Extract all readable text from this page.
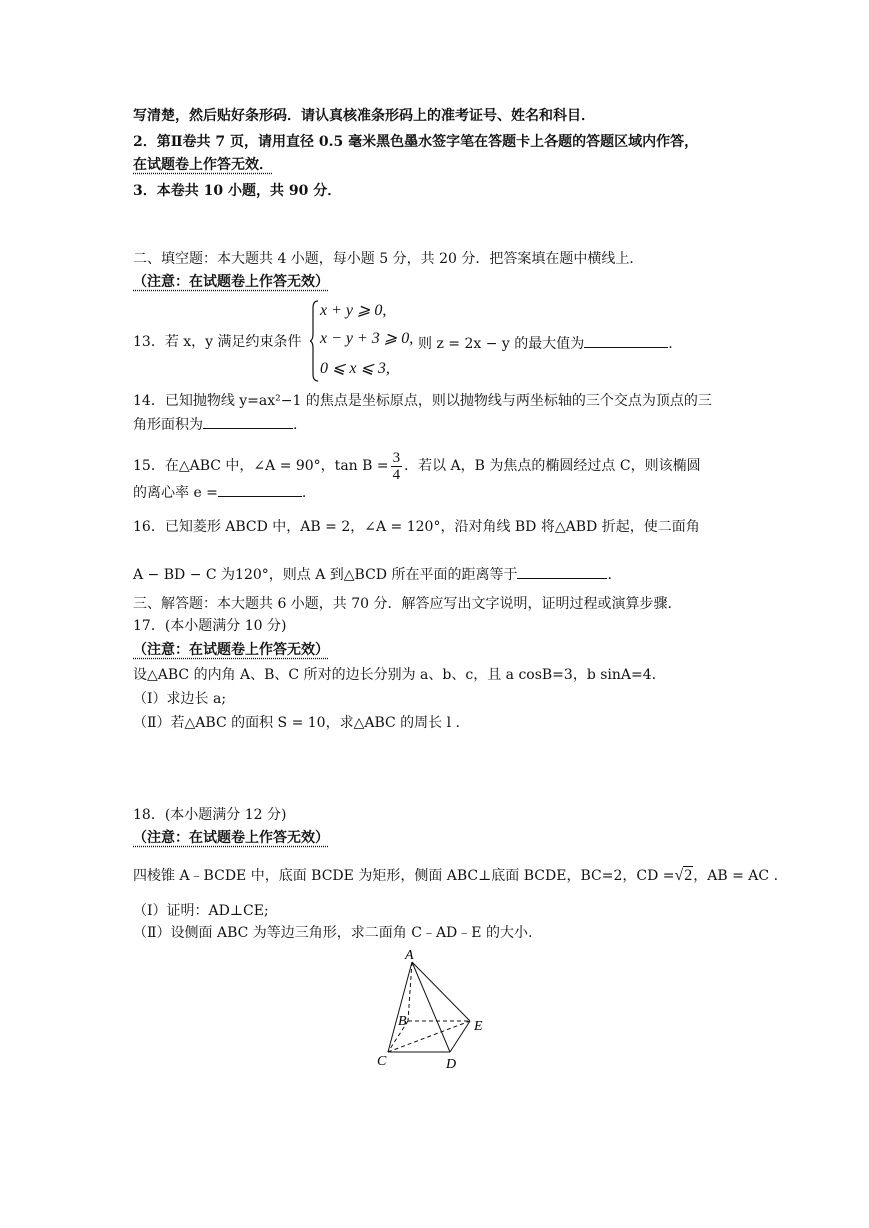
写清楚，然后贴好条形码．请认真核准条形码上的准考证号、姓名和科目．
2．第Ⅱ卷共 7 页，请用直径 0.5 毫米黑色墨水签字笔在答题卡上各题的答题区域内作答，
在试题卷上作答无效．
3．本卷共 10 小题，共 90 分．
二、填空题：本大题共 4 小题，每小题 5 分，共 20 分．把答案填在题中横线上．
（注意：在试题卷上作答无效）
13．若 x，y 满足约束条件
x + y ⩾ 0,
x − y + 3 ⩾ 0,
0 ⩽ x ⩽ 3,
则 z = 2x − y 的最大值为	.
14．已知抛物线 y=ax²−1 的焦点是坐标原点，则以抛物线与两坐标轴的三个交点为顶点的三
角形面积为	.
15．在△ABC 中，∠A = 90°，$\tan B = \frac{3}{4}$ ．若以 A，B 为焦点的椭圆经过点 C，则该椭圆
的离心率 e =	.
16．已知菱形 ABCD 中，AB = 2，∠A = 120°，沿对角线 BD 将△ABD 折起，使二面角
A − BD − C 为120°，则点 A 到△BCD 所在平面的距离等于	.
三、解答题：本大题共 6 小题，共 70 分．解答应写出文字说明，证明过程或演算步骤．
17．(本小题满分 10 分)
（注意：在试题卷上作答无效）
设△ABC 的内角 A、B、C 所对的边长分别为 a、b、c，且 a cosB=3，b sinA=4.
（Ⅰ）求边长 a;
（Ⅱ）若△ABC 的面积 S = 10，求△ABC 的周长 l .
18．(本小题满分 12 分)
（注意：在试题卷上作答无效）
四棱锥 A﹣BCDE 中，底面 BCDE 为矩形，侧面 ABC⊥底面 BCDE，BC=2，CD =√2，AB = AC .
（Ⅰ）证明：AD⊥CE;
（Ⅱ）设侧面 ABC 为等边三角形，求二面角 C﹣AD﹣E 的大小.
A
B
C	D
E
